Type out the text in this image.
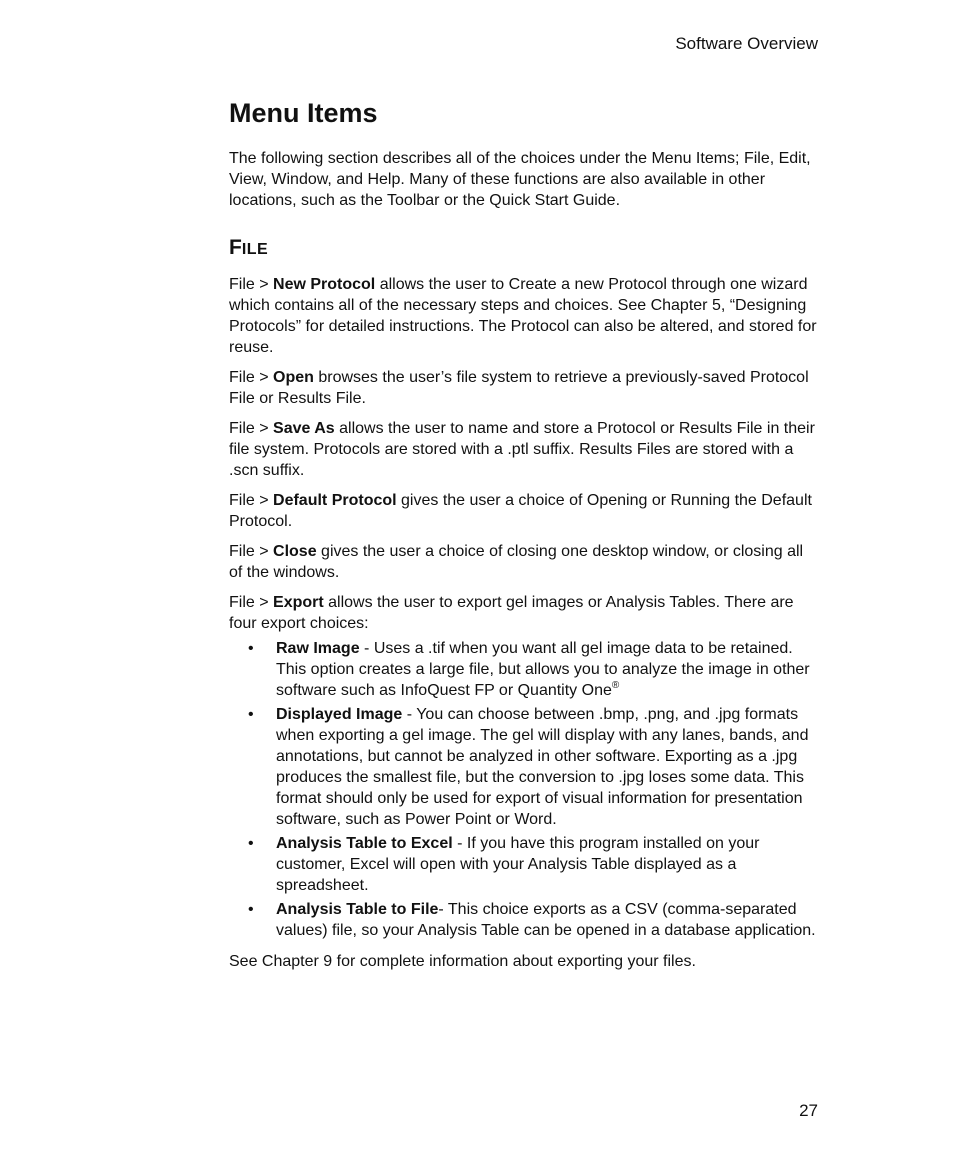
Software Overview
Menu Items

The following section describes all of the choices under the Menu Items; File, Edit, View, Window, and Help. Many of these functions are also available in other locations, such as the Toolbar or the Quick Start Guide.

FILE

File > New Protocol allows the user to Create a new Protocol through one wizard which contains all of the necessary steps and choices. See Chapter 5, “Designing Protocols” for detailed instructions. The Protocol can also be altered, and stored for reuse.

File > Open browses the user’s file system to retrieve a previously-saved Protocol File or Results File.

File > Save As allows the user to name and store a Protocol or Results File in their file system. Protocols are stored with a .ptl suffix. Results Files are stored with a .scn suffix.

File > Default Protocol gives the user a choice of Opening or Running the Default Protocol.

File > Close gives the user a choice of closing one desktop window, or closing all of the windows.

File > Export allows the user to export gel images or Analysis Tables. There are four export choices:

• Raw Image - Uses a .tif when you want all gel image data to be retained. This option creates a large file, but allows you to analyze the image in other software such as InfoQuest FP or Quantity One®
• Displayed Image - You can choose between .bmp, .png, and .jpg formats when exporting a gel image. The gel will display with any lanes, bands, and annotations, but cannot be analyzed in other software. Exporting as a .jpg produces the smallest file, but the conversion to .jpg loses some data. This format should only be used for export of visual information for presentation software, such as Power Point or Word.
• Analysis Table to Excel - If you have this program installed on your customer, Excel will open with your Analysis Table displayed as a spreadsheet.
• Analysis Table to File- This choice exports as a CSV (comma-separated values) file, so your Analysis Table can be opened in a database application.

See Chapter 9 for complete information about exporting your files.

27
